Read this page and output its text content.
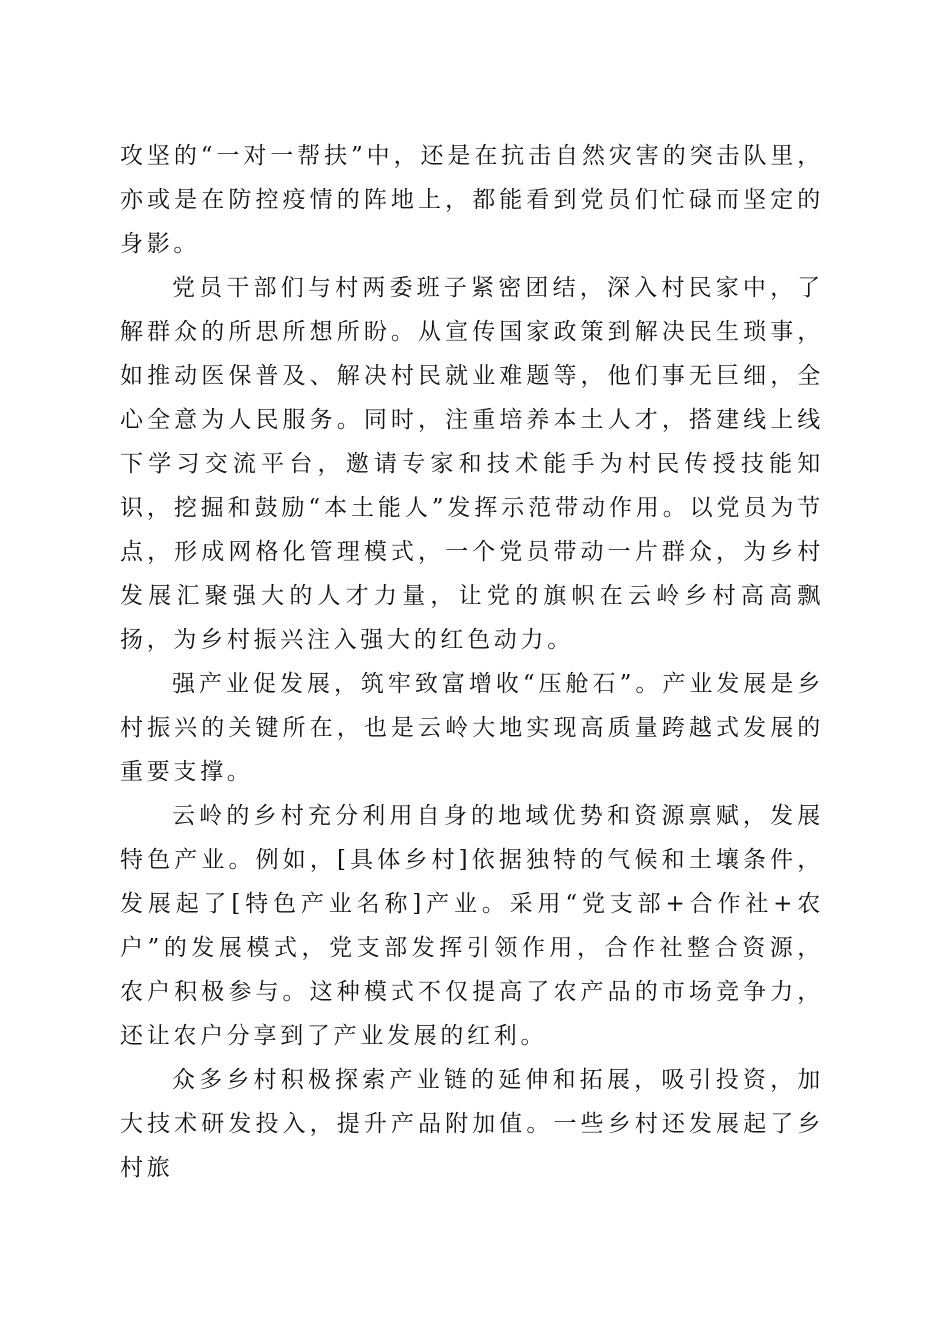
攻坚的“一对一帮扶”中，还是在抗击自然灾害的突击队里，亦或是在防控疫情的阵地上，都能看到党员们忙碌而坚定的身影。

党员干部们与村两委班子紧密团结，深入村民家中，了解群众的所思所想所盼。从宣传国家政策到解决民生琐事，如推动医保普及、解决村民就业难题等，他们事无巨细，全心全意为人民服务。同时，注重培养本土人才，搭建线上线下学习交流平台，邀请专家和技术能手为村民传授技能知识，挖掘和鼓励“本土能人”发挥示范带动作用。以党员为节点，形成网格化管理模式，一个党员带动一片群众，为乡村发展汇聚强大的人才力量，让党的旗帜在云岭乡村高高飘扬，为乡村振兴注入强大的红色动力。

强产业促发展，筑牢致富增收“压舱石”。产业发展是乡村振兴的关键所在，也是云岭大地实现高质量跨越式发展的重要支撑。

云岭的乡村充分利用自身的地域优势和资源禀赋，发展特色产业。例如，[具体乡村]依据独特的气候和土壤条件，发展起了[特色产业名称]产业。采用“党支部+合作社+农户”的发展模式，党支部发挥引领作用，合作社整合资源，农户积极参与。这种模式不仅提高了农产品的市场竞争力，还让农户分享到了产业发展的红利。

众多乡村积极探索产业链的延伸和拓展，吸引投资，加大技术研发投入，提升产品附加值。一些乡村还发展起了乡村旅
